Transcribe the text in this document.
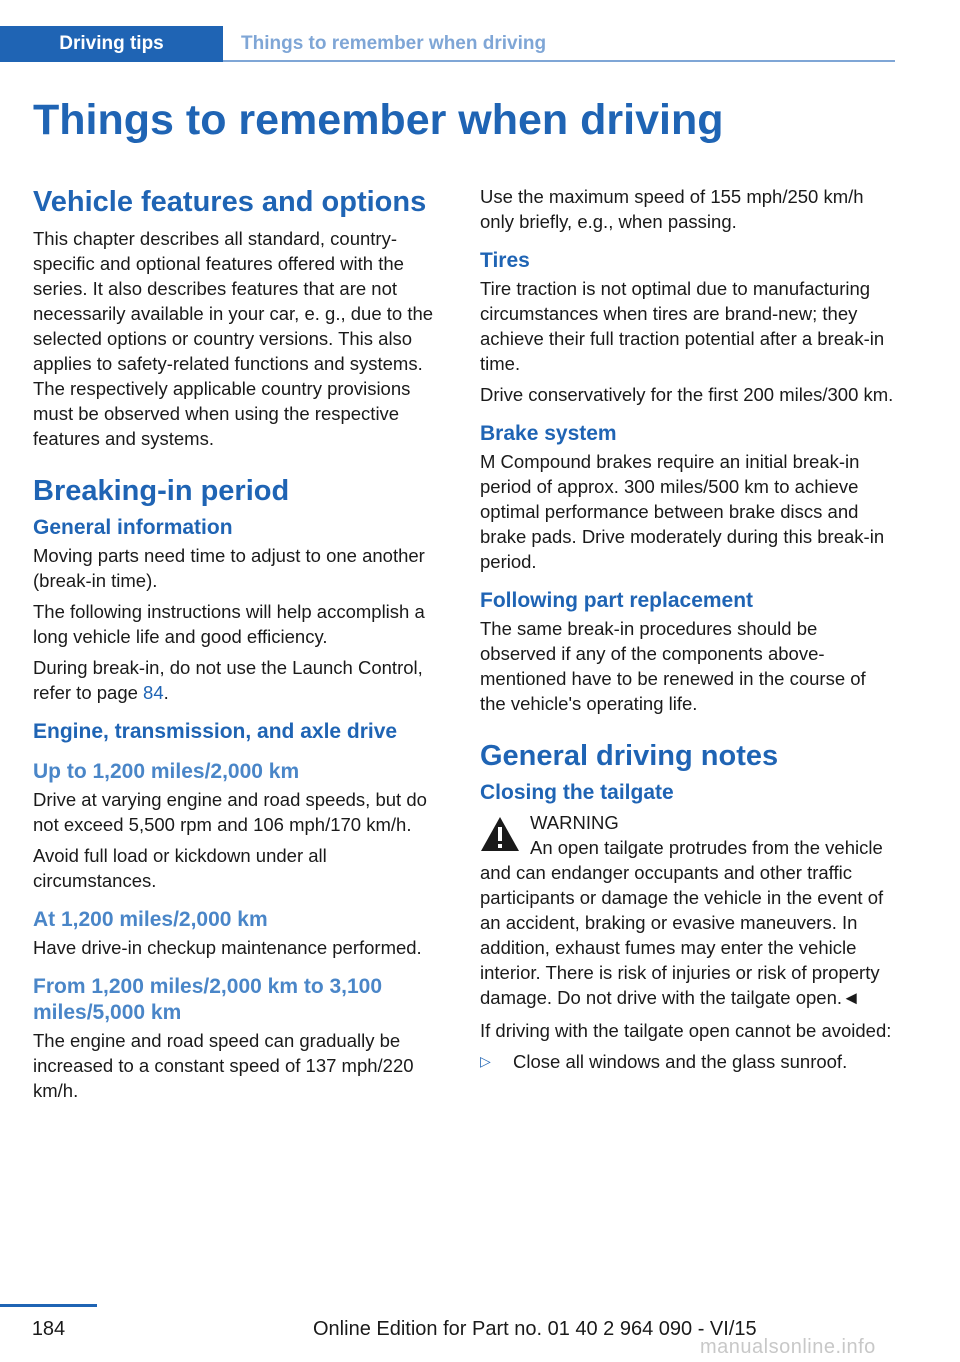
Driving tips	Things to remember when driving
Things to remember when driving
Vehicle features and options

This chapter describes all standard, country-specific and optional features offered with the series. It also describes features that are not necessarily available in your car, e. g., due to the selected options or country versions. This also applies to safety-related functions and systems. The respectively applicable country provisions must be observed when using the respective features and systems.

Breaking-in period
General information

Moving parts need time to adjust to one another (break-in time).

The following instructions will help accomplish a long vehicle life and good efficiency.

During break-in, do not use the Launch Control, refer to page 84.

Engine, transmission, and axle drive
Up to 1,200 miles/2,000 km

Drive at varying engine and road speeds, but do not exceed 5,500 rpm and 106 mph/170 km/h.

Avoid full load or kickdown under all circumstances.

At 1,200 miles/2,000 km

Have drive-in checkup maintenance performed.

From 1,200 miles/2,000 km to 3,100 miles/5,000 km

The engine and road speed can gradually be increased to a constant speed of 137 mph/220 km/h.

Use the maximum speed of 155 mph/250 km/h only briefly, e.g., when passing.

Tires

Tire traction is not optimal due to manufacturing circumstances when tires are brand-new; they achieve their full traction potential after a break-in time.

Drive conservatively for the first 200 miles/300 km.

Brake system

M Compound brakes require an initial break-in period of approx. 300 miles/500 km to achieve optimal performance between brake discs and brake pads. Drive moderately during this break-in period.

Following part replacement

The same break-in procedures should be observed if any of the components above-mentioned have to be renewed in the course of the vehicle's operating life.

General driving notes
Closing the tailgate
WARNING

An open tailgate protrudes from the vehicle and can endanger occupants and other traffic participants or damage the vehicle in the event of an accident, braking or evasive maneuvers. In addition, exhaust fumes may enter the vehicle interior. There is risk of injuries or risk of property damage. Do not drive with the tailgate open.◄

If driving with the tailgate open cannot be avoided:

▷	Close all windows and the glass sunroof.
184	Online Edition for Part no. 01 40 2 964 090 - VI/15
manualsonline.info
